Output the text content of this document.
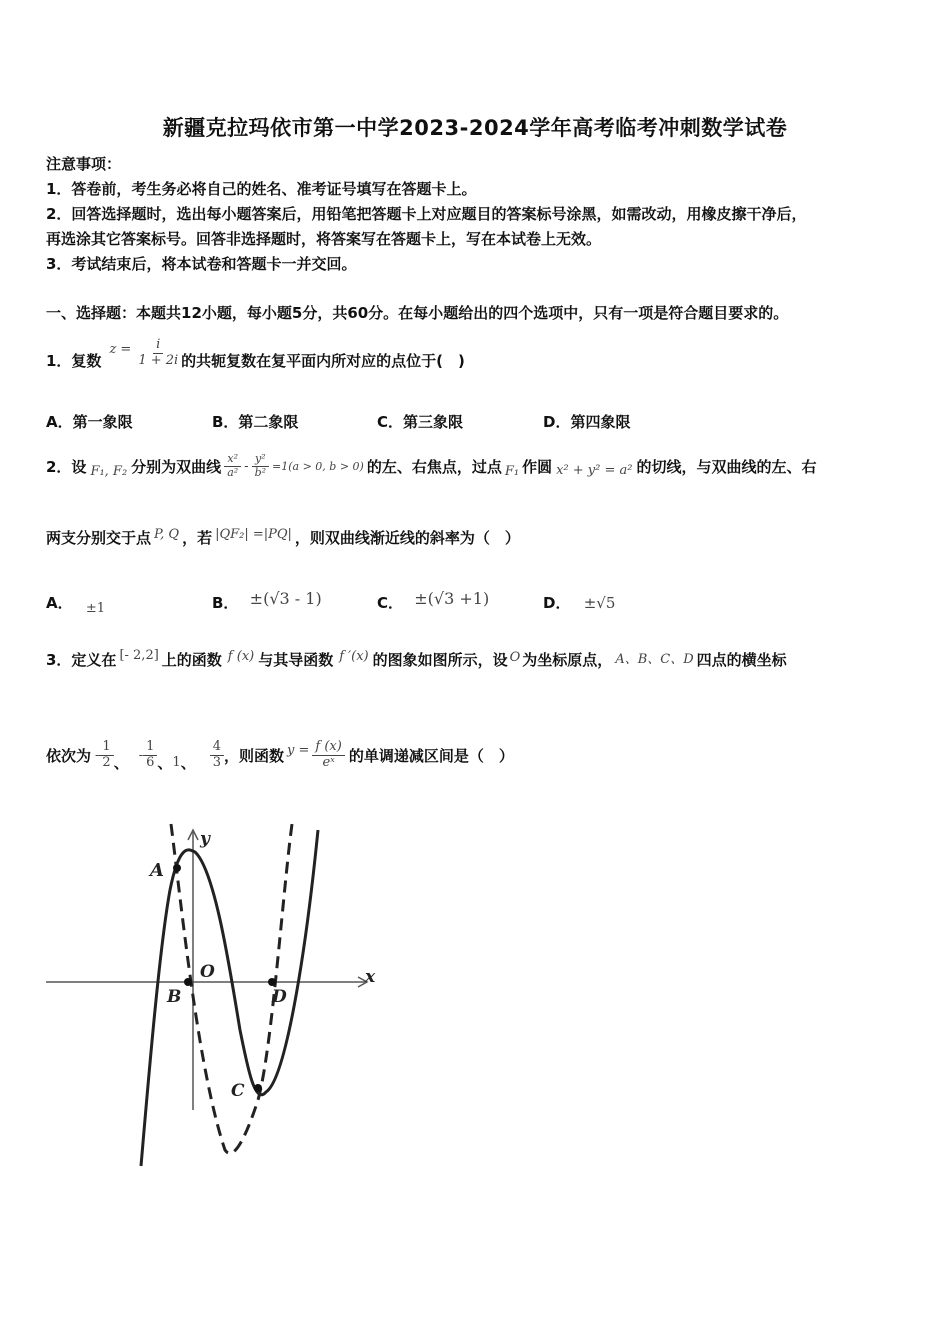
新疆克拉玛依市第一中学2023-2024学年高考临考冲刺数学试卷
注意事项：
1．答卷前，考生务必将自己的姓名、准考证号填写在答题卡上。
2．回答选择题时，选出每小题答案后，用铅笔把答题卡上对应题目的答案标号涂黑，如需改动，用橡皮擦干净后，
再选涂其它答案标号。回答非选择题时，将答案写在答题卡上，写在本试卷上无效。
3．考试结束后，将本试卷和答题卡一并交回。
一、选择题：本题共12小题，每小题5分，共60分。在每小题给出的四个选项中，只有一项是符合题目要求的。
1．复数
$z = \frac{i}{1 + 2i}$ 的共轭复数在复平面内所对应的点位于(　)
A．第一象限	B．第二象限	C．第三象限	D．第四象限
2．设 F₁, F₂ 分别为双曲线 $\frac{\text{x²}}{\text{a²}} - \frac{\text{y²}}{\text{b²}} =1(a > 0$, b > 0) 的左、右焦点，过点 F₁ 作圆 x² + y² = a² 的切线，与双曲线的左、右
两支分别交于点 P, Q ，若 |QF₂| =|PQ| ，则双曲线渐近线的斜率为（　）
A． ±1	B． ±(√3 - 1)	C． ±(√3 +1)	D． ±√5
3．定义在 [- 2,2] 上的函数 f (x) 与其导函数 f ′(x) 的图象如图所示，设 O 为坐标原点， A、B、C、D 四点的横坐标
依次为 - $\frac{1}{2}$ 、 - $\frac{1}{6}$ 、 1 、 $\frac{4}{3}$ ，则函数 $y = \frac{f (x)}{\text{eˣ}}$ 的单调递减区间是（　）
A
B
O
D
C
y
x
